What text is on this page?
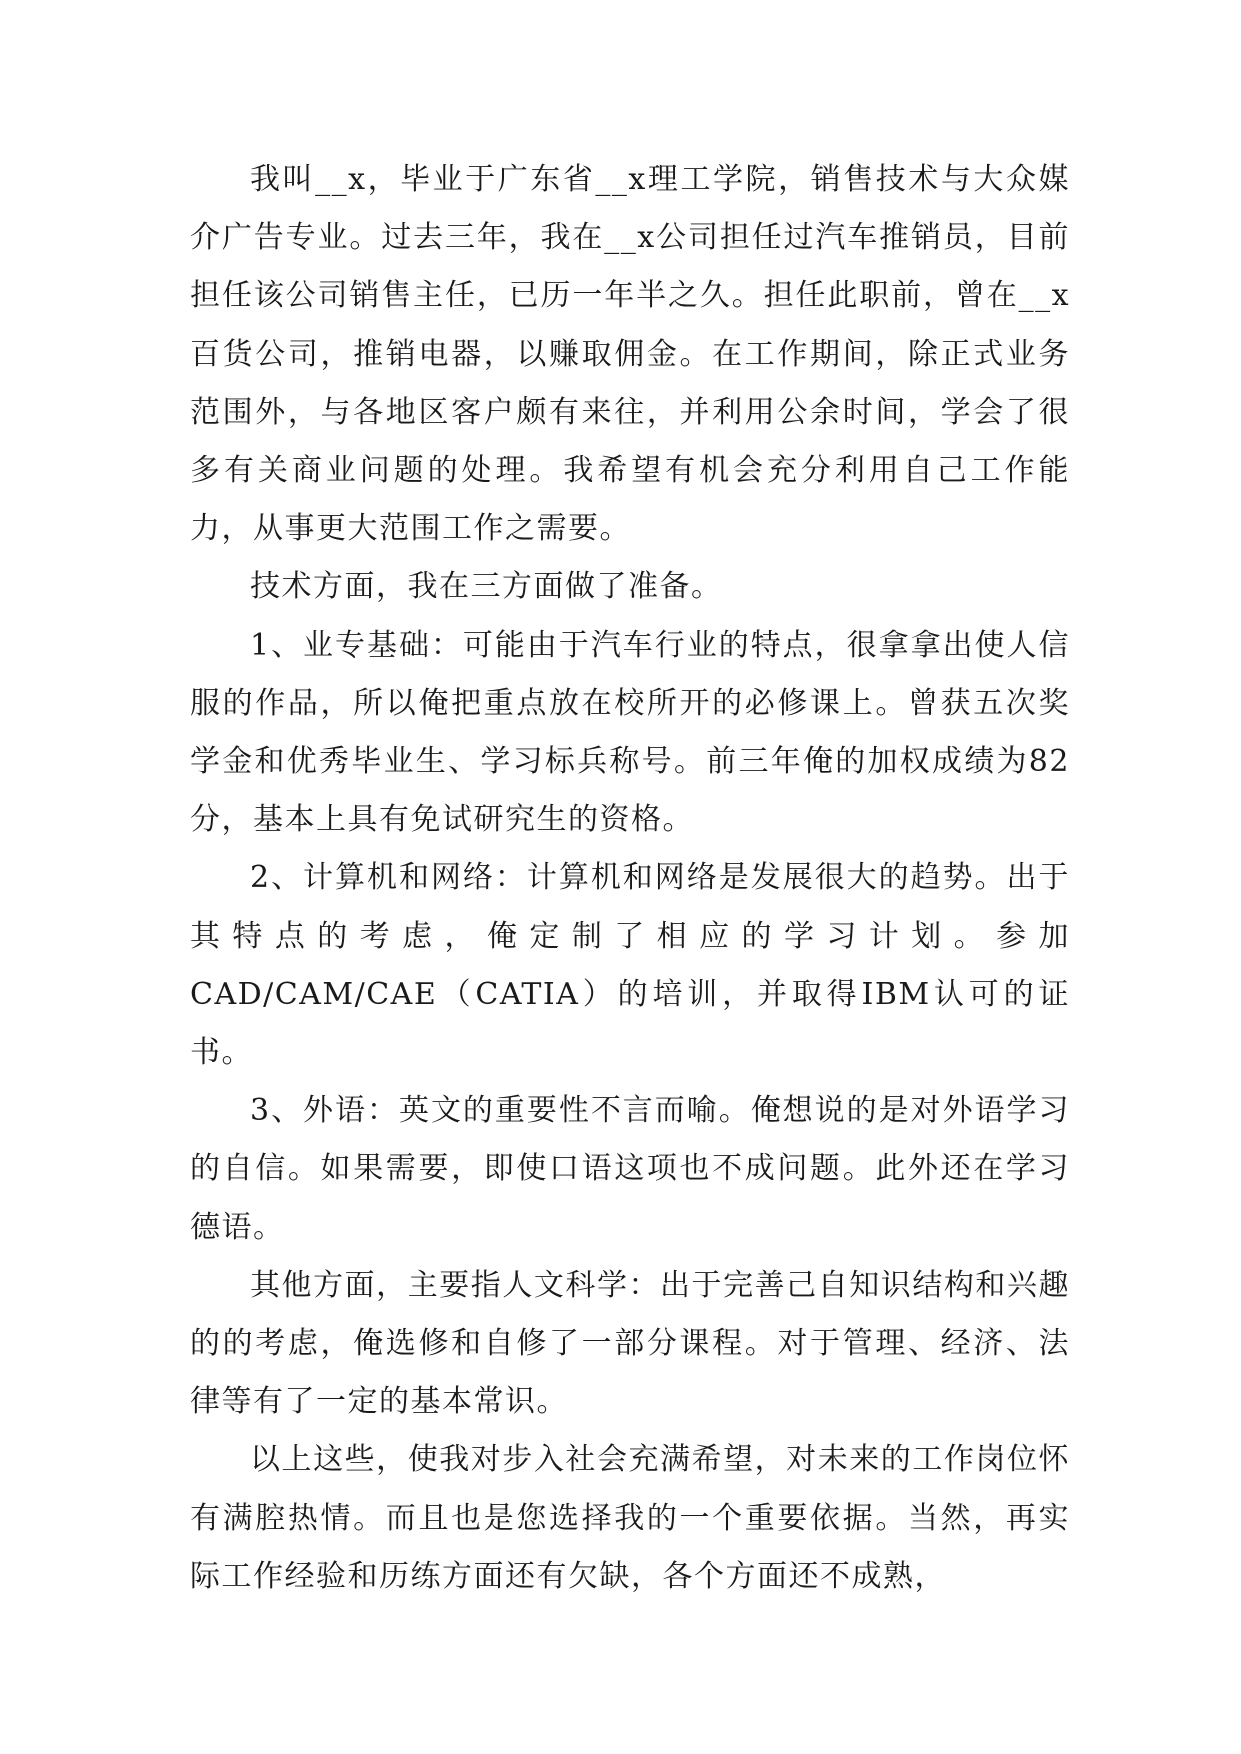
我叫__x，毕业于广东省__x理工学院，销售技术与大众媒介广告专业。过去三年，我在__x公司担任过汽车推销员，目前担任该公司销售主任，已历一年半之久。担任此职前，曾在__x百货公司，推销电器，以赚取佣金。在工作期间，除正式业务范围外，与各地区客户颇有来往，并利用公余时间，学会了很多有关商业问题的处理。我希望有机会充分利用自己工作能力，从事更大范围工作之需要。

技术方面，我在三方面做了准备。

1、业专基础：可能由于汽车行业的特点，很拿拿出使人信服的作品，所以俺把重点放在校所开的必修课上。曾获五次奖学金和优秀毕业生、学习标兵称号。前三年俺的加权成绩为82分，基本上具有免试研究生的资格。

2、计算机和网络：计算机和网络是发展很大的趋势。出于其特点的考虑，俺定制了相应的学习计划。参加CAD/CAM/CAE（CATIA）的培训，并取得IBM认可的证书。

3、外语：英文的重要性不言而喻。俺想说的是对外语学习的自信。如果需要，即使口语这项也不成问题。此外还在学习德语。

其他方面，主要指人文科学：出于完善己自知识结构和兴趣的的考虑，俺选修和自修了一部分课程。对于管理、经济、法律等有了一定的基本常识。

以上这些，使我对步入社会充满希望，对未来的工作岗位怀有满腔热情。而且也是您选择我的一个重要依据。当然，再实际工作经验和历练方面还有欠缺，各个方面还不成熟，
